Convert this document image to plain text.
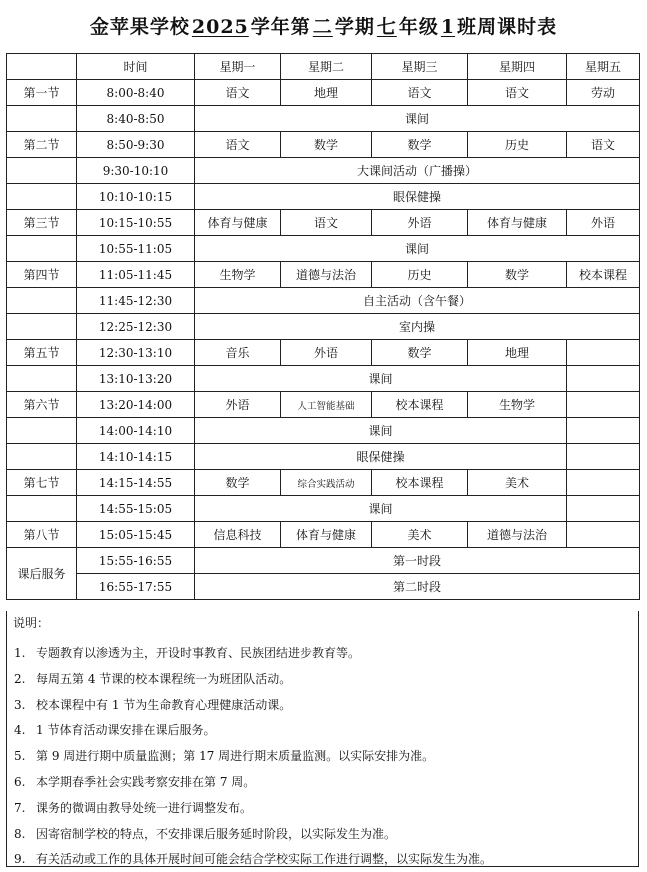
金苹果学校 2025 学年第 二 学期 七 年级 1 班周课时表
	时间	星期一	星期二	星期三	星期四	星期五
第一节	8:00-8:40	语文	地理	语文	语文	劳动
	8:40-8:50	课间				
第二节	8:50-9:30	语文	数学	数学	历史	语文
	9:30-10:10	大课间活动（广播操）				
	10:10-10:15	眼保健操				
第三节	10:15-10:55	体育与健康	语文	外语	体育与健康	外语
	10:55-11:05	课间				
第四节	11:05-11:45	生物学	道德与法治	历史	数学	校本课程
	11:45-12:30	自主活动（含午餐）				
	12:25-12:30	室内操				
第五节	12:30-13:10	音乐	外语	数学	地理	
	13:10-13:20	课间				
第六节	13:20-14:00	外语	人工智能基础	校本课程	生物学	
	14:00-14:10	课间				
	14:10-14:15	眼保健操				
第七节	14:15-14:55	数学	综合实践活动	校本课程	美术	
	14:55-15:05	课间				
第八节	15:05-15:45	信息科技	体育与健康	美术	道德与法治	
课后服务	15:55-16:55	第一时段				
	16:55-17:55	第二时段				
说明：
1. 专题教育以渗透为主，开设时事教育、民族团结进步教育等。
2. 每周五第 4 节课的校本课程统一为班团队活动。
3. 校本课程中有 1 节为生命教育心理健康活动课。
4. 1 节体育活动课安排在课后服务。
5. 第 9 周进行期中质量监测；第 17 周进行期末质量监测。以实际安排为准。
6. 本学期春季社会实践考察安排在第 7 周。
7. 课务的微调由教导处统一进行调整发布。
8. 因寄宿制学校的特点，不安排课后服务延时阶段，以实际发生为准。
9. 有关活动或工作的具体开展时间可能会结合学校实际工作进行调整，以实际发生为准。
